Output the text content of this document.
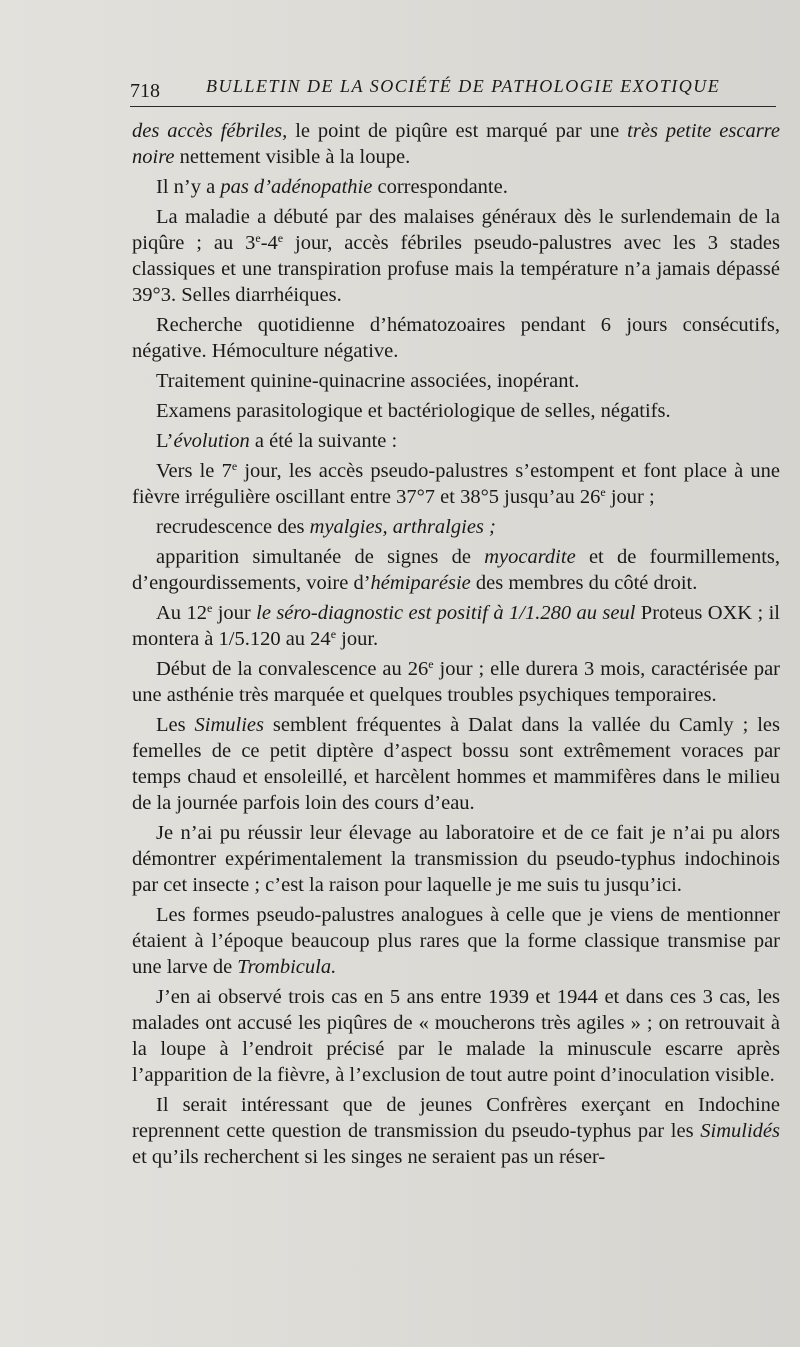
718	BULLETIN DE LA SOCIÉTÉ DE PATHOLOGIE EXOTIQUE

des accès fébriles, le point de piqûre est marqué par une très petite escarre noire nettement visible à la loupe.

Il n’y a pas d’adénopathie correspondante.

La maladie a débuté par des malaises généraux dès le surlendemain de la piqûre ; au 3e-4e jour, accès fébriles pseudo-palustres avec les 3 stades classiques et une transpiration profuse mais la température n’a jamais dépassé 39°3. Selles diarrhéiques.

Recherche quotidienne d’hématozoaires pendant 6 jours consécutifs, négative. Hémoculture négative.

Traitement quinine-quinacrine associées, inopérant.

Examens parasitologique et bactériologique de selles, négatifs.

L’évolution a été la suivante :

Vers le 7e jour, les accès pseudo-palustres s’estompent et font place à une fièvre irrégulière oscillant entre 37°7 et 38°5 jusqu’au 26e jour ;

recrudescence des myalgies, arthralgies ;

apparition simultanée de signes de myocardite et de fourmillements, d’engourdissements, voire d’hémiparésie des membres du côté droit.

Au 12e jour le séro-diagnostic est positif à 1/1.280 au seul Proteus OXK ; il montera à 1/5.120 au 24e jour.

Début de la convalescence au 26e jour ; elle durera 3 mois, caractérisée par une asthénie très marquée et quelques troubles psychiques temporaires.

Les Simulies semblent fréquentes à Dalat dans la vallée du Camly ; les femelles de ce petit diptère d’aspect bossu sont extrêmement voraces par temps chaud et ensoleillé, et harcèlent hommes et mammifères dans le milieu de la journée parfois loin des cours d’eau.

Je n’ai pu réussir leur élevage au laboratoire et de ce fait je n’ai pu alors démontrer expérimentalement la transmission du pseudo-typhus indochinois par cet insecte ; c’est la raison pour laquelle je me suis tu jusqu’ici.

Les formes pseudo-palustres analogues à celle que je viens de mentionner étaient à l’époque beaucoup plus rares que la forme classique transmise par une larve de Trombicula.

J’en ai observé trois cas en 5 ans entre 1939 et 1944 et dans ces 3 cas, les malades ont accusé les piqûres de « moucherons très agiles » ; on retrouvait à la loupe à l’endroit précisé par le malade la minuscule escarre après l’apparition de la fièvre, à l’exclusion de tout autre point d’inoculation visible.

Il serait intéressant que de jeunes Confrères exerçant en Indochine reprennent cette question de transmission du pseudo-typhus par les Simulidés et qu’ils recherchent si les singes ne seraient pas un réser-
